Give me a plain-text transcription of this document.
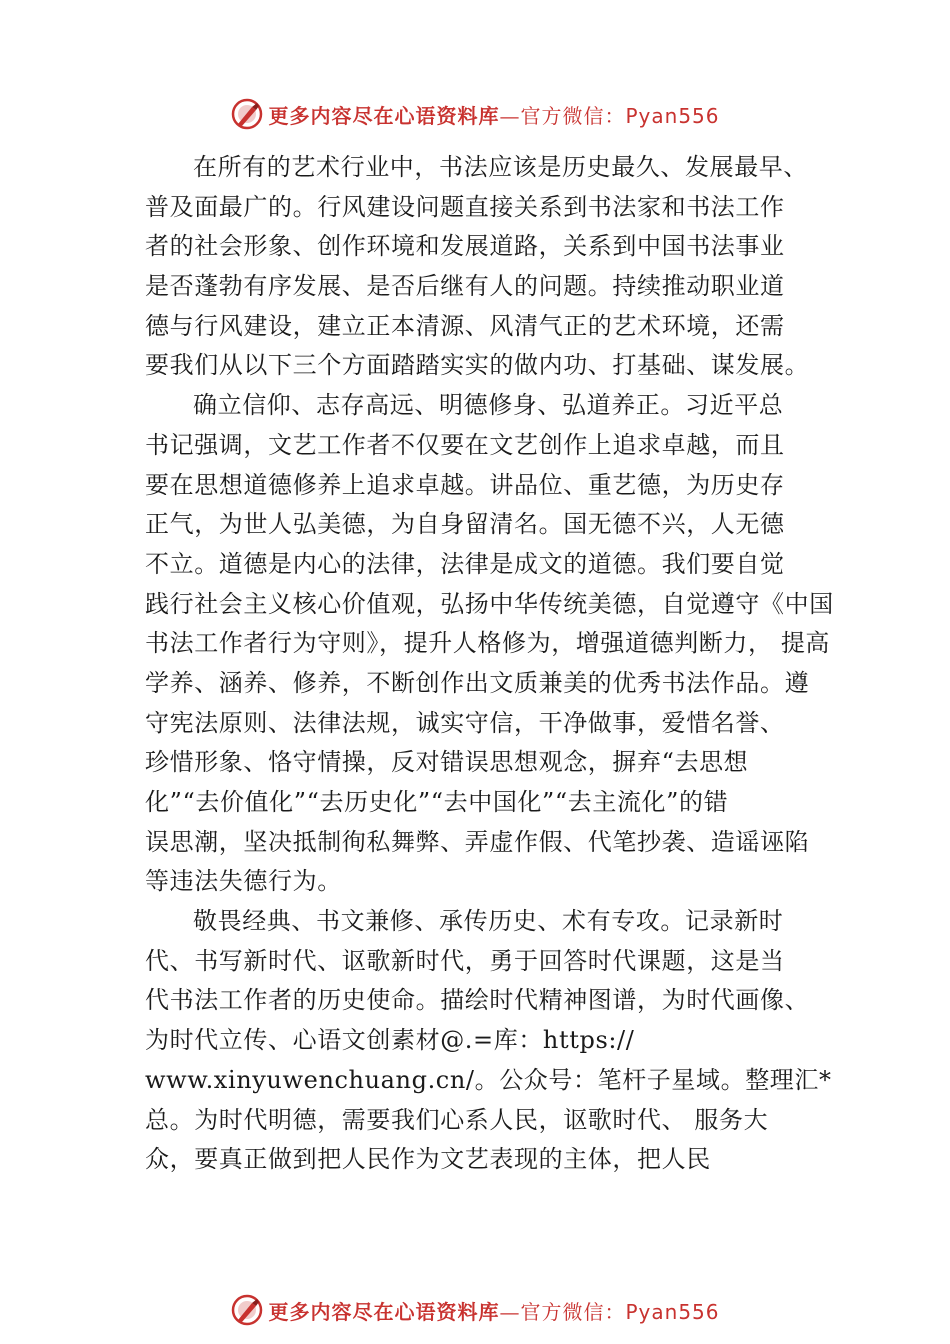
更多内容尽在心语资料库—官方微信：Pyan556
在所有的艺术行业中，书法应该是历史最久、发展最早、
普及面最广的。行风建设问题直接关系到书法家和书法工作
者的社会形象、创作环境和发展道路，关系到中国书法事业
是否蓬勃有序发展、是否后继有人的问题。持续推动职业道
德与行风建设，建立正本清源、风清气正的艺术环境，还需
要我们从以下三个方面踏踏实实的做内功、打基础、谋发展。
确立信仰、志存高远、明德修身、弘道养正。习近平总
书记强调，文艺工作者不仅要在文艺创作上追求卓越，而且
要在思想道德修养上追求卓越。讲品位、重艺德，为历史存
正气，为世人弘美德，为自身留清名。国无德不兴，人无德
不立。道德是内心的法律，法律是成文的道德。我们要自觉
践行社会主义核心价值观，弘扬中华传统美德，自觉遵守《中国
书法工作者行为守则》，提升人格修为，增强道德判断力， 提高
学养、涵养、修养，不断创作出文质兼美的优秀书法作品。遵
守宪法原则、法律法规，诚实守信，干净做事，爱惜名誉、
珍惜形象、恪守情操，反对错误思想观念，摒弃“去思想
化”“去价值化”“去历史化”“去中国化”“去主流化”的错
误思潮，坚决抵制徇私舞弊、弄虚作假、代笔抄袭、造谣诬陷
等违法失德行为。
敬畏经典、书文兼修、承传历史、术有专攻。记录新时
代、书写新时代、讴歌新时代，勇于回答时代课题，这是当
代书法工作者的历史使命。描绘时代精神图谱，为时代画像、
为时代立传、心语文创素材@.=库：https://
www.xinyuwenchuang.cn/。公众号：笔杆子星域。整理汇*
总。为时代明德，需要我们心系人民，讴歌时代、 服务大
众，要真正做到把人民作为文艺表现的主体，把人民
更多内容尽在心语资料库—官方微信：Pyan556
